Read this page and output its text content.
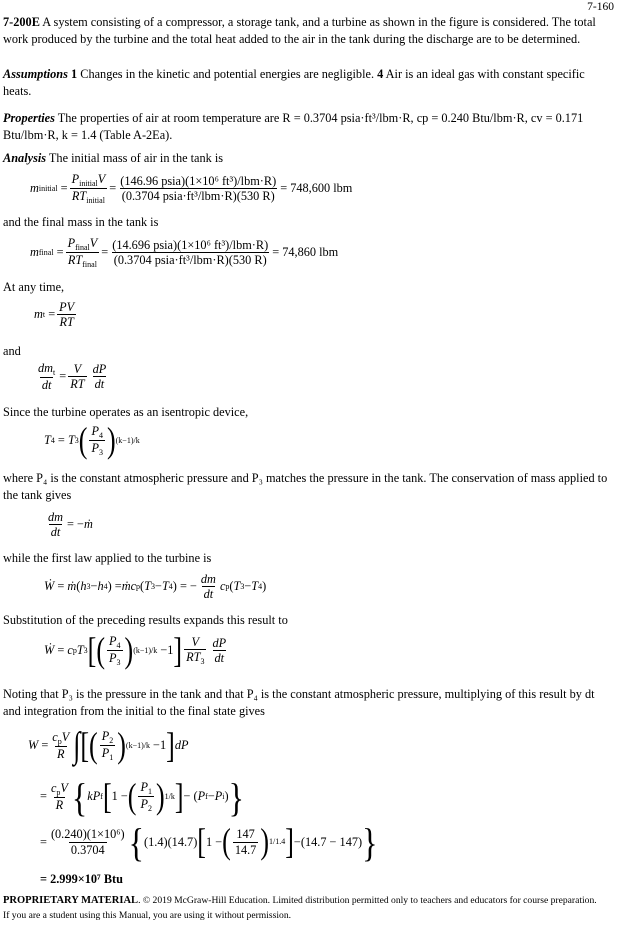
7-160
7-200E A system consisting of a compressor, a storage tank, and a turbine as shown in the figure is considered. The total work produced by the turbine and the total heat added to the air in the tank during the discharge are to be determined.
Assumptions 1 Changes in the kinetic and potential energies are negligible. 4 Air is an ideal gas with constant specific heats.
Properties The properties of air at room temperature are R = 0.3704 psia·ft³/lbm·R, cp = 0.240 Btu/lbm·R, cv = 0.171 Btu/lbm·R, k = 1.4 (Table A-2Ea).
Analysis The initial mass of air in the tank is
m initial = $\frac{P_{initial}V}{RT_{initial}} = \frac{\text{(146.96 psia)(1×10⁶ ft³)/lbm·R)}}{\text{(0.3704 psia·ft³/lbm·R)(530 R)}} = 748,600$ lbm
and the final mass in the tank is
m final = $\frac{P_{final}V}{RT_{final}} = \frac{\text{(14.696 psia)(1×10⁶ ft³)/lbm·R)}}{\text{(0.3704 psia·ft³/lbm·R)(530 R)}} = 74,860$ lbm
At any time,
m $t = \frac{PV}{RT}$
and
$\frac{dm_t}{dt} = \frac{V}{RT} \frac{dP}{dt}$
Since the turbine operates as an isentropic device,
T 4 = T 3 ( $\frac{P_4}{P_3}$ ) (k−1)/k
where P₄ is the constant atmospheric pressure and P₃ matches the pressure in the tank. The conservation of mass applied to the tank gives
$\frac{dm}{dt}$ = − ṁ
while the first law applied to the turbine is
Ẇ = ṁ ( h 3 − h 4 ) = ṁc p ( T 3 − T 4 ) = − $\frac{dm}{dt}$ c p ( T 3 − T 4 )
Substitution of the preceding results expands this result to
Ẇ = c p T 3 [ ( $\frac{P_4}{P_3}$ ) (k−1)/k −1 ] $\frac{V}{RT_3} \frac{dP}{dt}$
Noting that P₃ is the pressure in the tank and that P₄ is the constant atmospheric pressure, multiplying of this result by dt and integration from the initial to the final state gives
$W = \frac{c_pV}{R}$ ∫ [ ( $\frac{P_2}{P_1}$ ) (k−1)/k −1 ] dP
= $\frac{c_pV}{R}$ { kP f [ 1 − ( $\frac{P_1}{P_2}$ ) 1/k ] − ( P f − P i ) }
= $\frac{\text{(0.240)(1×10⁶)}}{0.3704}$ { (1.4)(14.7) [ 1 − ( $\frac{147}{14.7}$ ) 1/1.4 ] −(14.7 − 147) }
= 2.999×10⁷ Btu
PROPRIETARY MATERIAL. © 2019 McGraw-Hill Education. Limited distribution permitted only to teachers and educators for course preparation.
If you are a student using this Manual, you are using it without permission.
